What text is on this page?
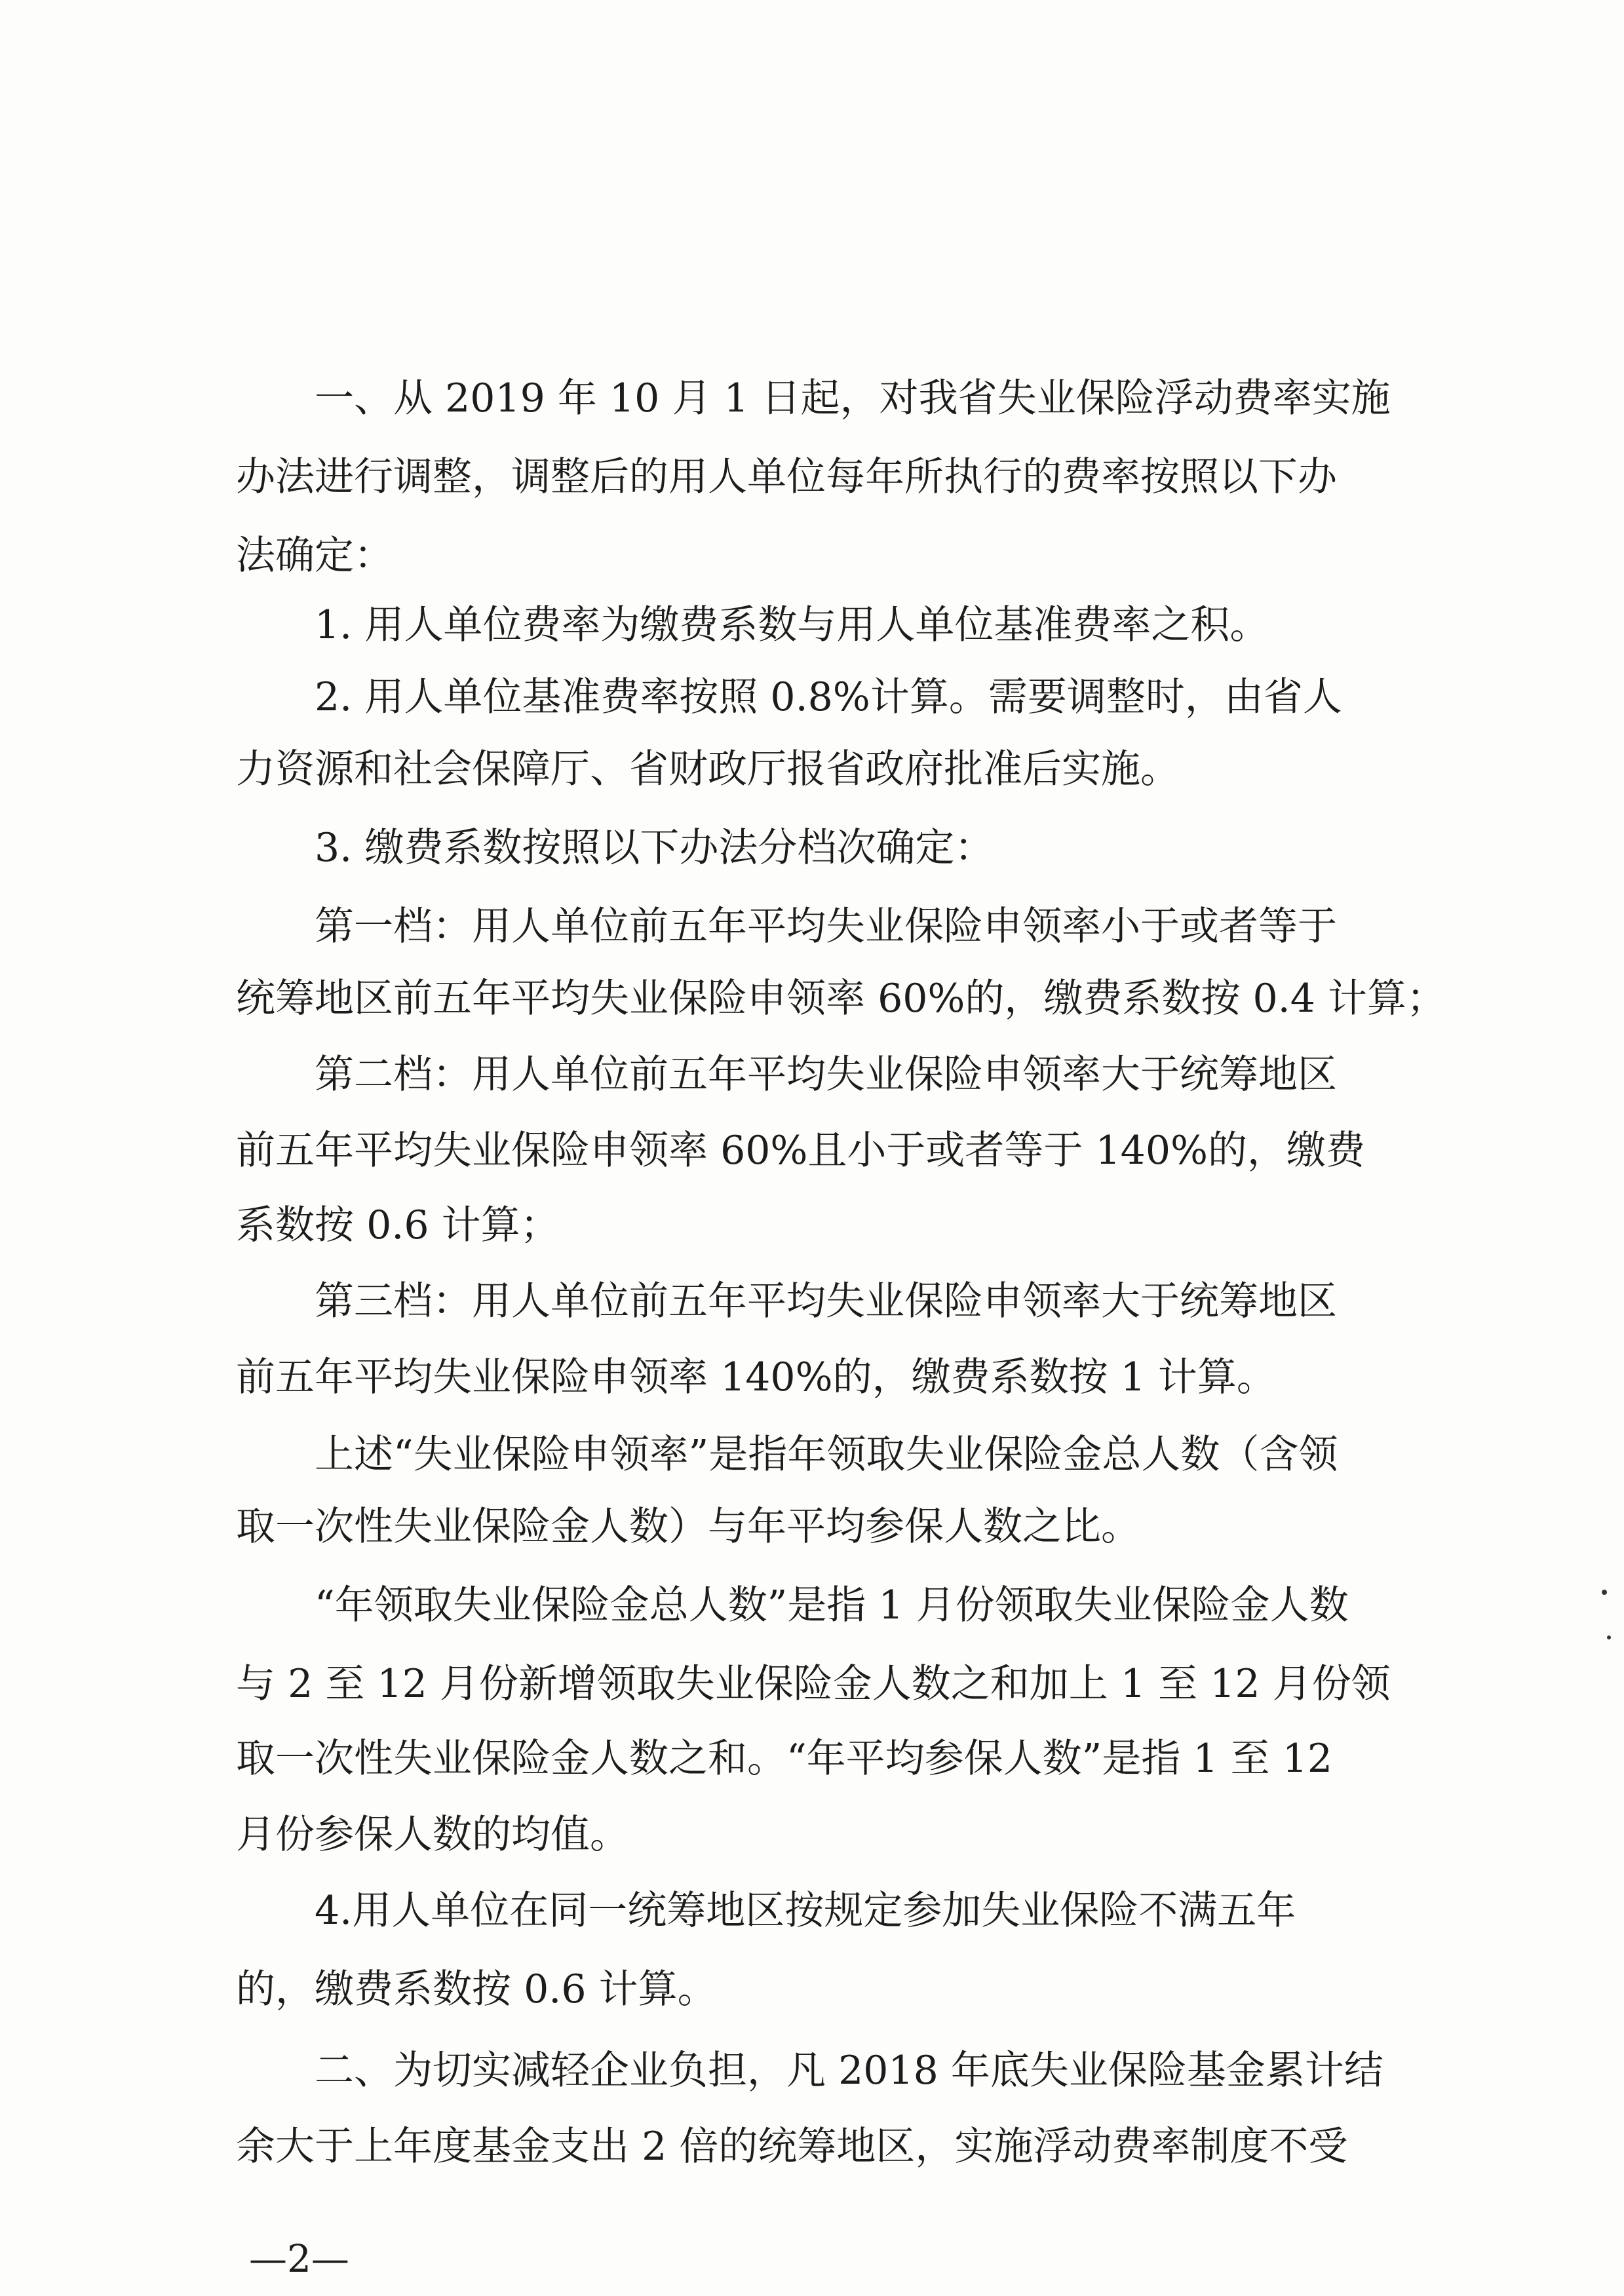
一、从 2019 年 10 月 1 日起，对我省失业保险浮动费率实施
办法进行调整，调整后的用人单位每年所执行的费率按照以下办
法确定：
1. 用人单位费率为缴费系数与用人单位基准费率之积。
2. 用人单位基准费率按照 0.8%计算。需要调整时，由省人
力资源和社会保障厅、省财政厅报省政府批准后实施。
3. 缴费系数按照以下办法分档次确定：
第一档：用人单位前五年平均失业保险申领率小于或者等于
统筹地区前五年平均失业保险申领率 60%的，缴费系数按 0.4 计算；
第二档：用人单位前五年平均失业保险申领率大于统筹地区
前五年平均失业保险申领率 60%且小于或者等于 140%的，缴费
系数按 0.6 计算；
第三档：用人单位前五年平均失业保险申领率大于统筹地区
前五年平均失业保险申领率 140%的，缴费系数按 1 计算。
上述“失业保险申领率”是指年领取失业保险金总人数（含领
取一次性失业保险金人数）与年平均参保人数之比。
“年领取失业保险金总人数”是指 1 月份领取失业保险金人数
与 2 至 12 月份新增领取失业保险金人数之和加上 1 至 12 月份领
取一次性失业保险金人数之和。“年平均参保人数”是指 1 至 12
月份参保人数的均值。
4.用人单位在同一统筹地区按规定参加失业保险不满五年
的，缴费系数按 0.6 计算。
二、为切实减轻企业负担，凡 2018 年底失业保险基金累计结
余大于上年度基金支出 2 倍的统筹地区，实施浮动费率制度不受
—2—
